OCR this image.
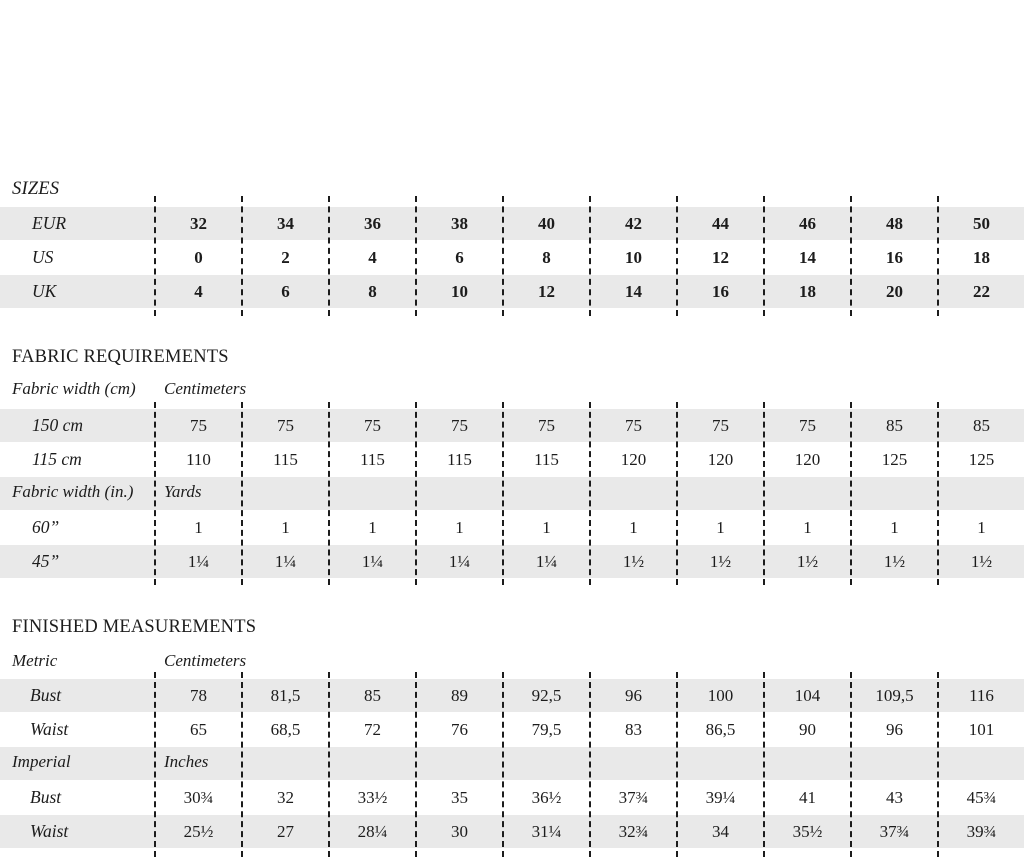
SIZES
EUR	32	34	36	38	40	42	44	46	48	50
US	0	2	4	6	8	10	12	14	16	18
UK	4	6	8	10	12	14	16	18	20	22
FABRIC REQUIREMENTS
Fabric width (cm) Centimeters
150 cm	75	75	75	75	75	75	75	75	85	85
115 cm	110	115	115	115	115	120	120	120	125	125
Fabric width (in.) Yards
60”	1	1	1	1	1	1	1	1	1	1
45”	1¼	1¼	1¼	1¼	1¼	1½	1½	1½	1½	1½
FINISHED MEASUREMENTS
Metric	Centimeters
Bust	78	81,5	85	89	92,5	96	100	104	109,5	116
Waist	65	68,5	72	76	79,5	83	86,5	90	96	101
Imperial	Inches
Bust	30¾	32	33½	35	36½	37¾	39¼	41	43	45¾
Waist	25½	27	28¼	30	31¼	32¾	34	35½	37¾	39¾
